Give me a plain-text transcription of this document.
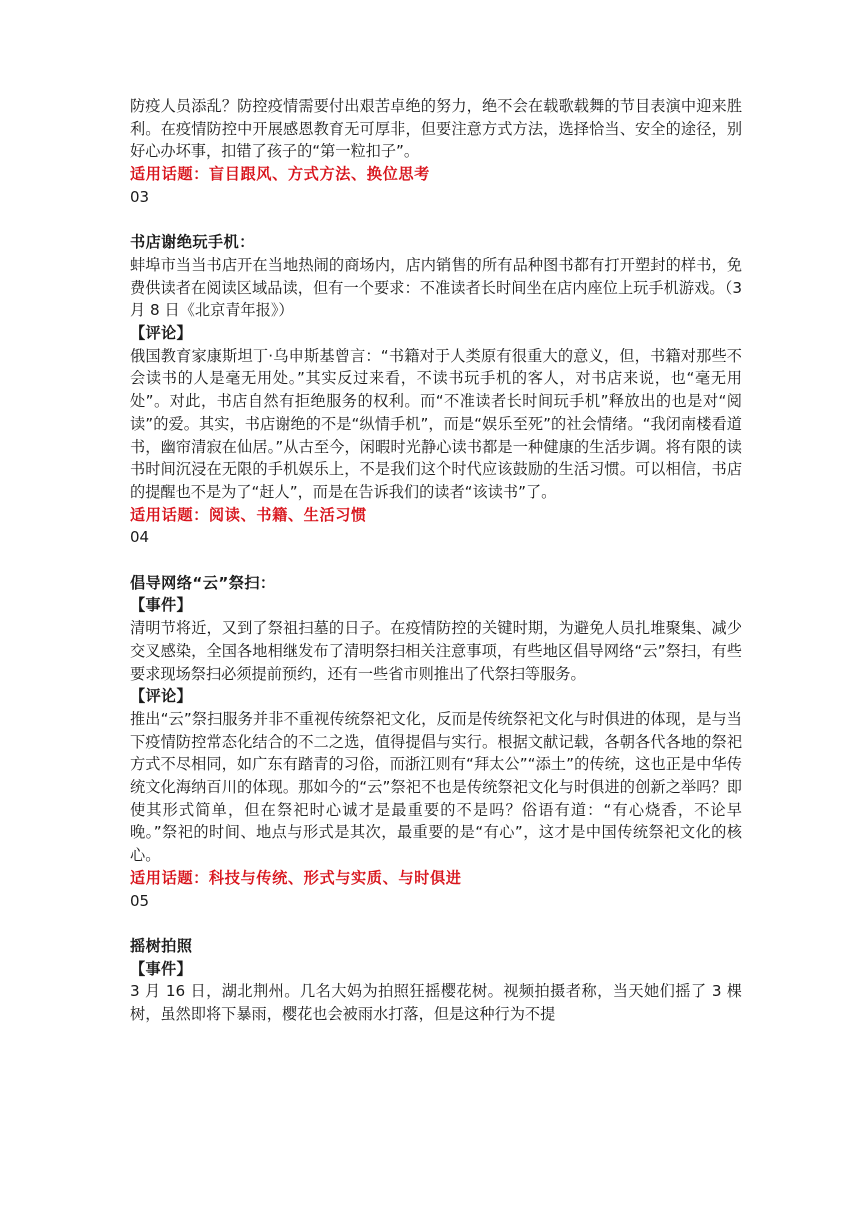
防疫人员添乱？防控疫情需要付出艰苦卓绝的努力，绝不会在载歌载舞的节目表演中迎来胜利。在疫情防控中开展感恩教育无可厚非，但要注意方式方法，选择恰当、安全的途径，别好心办坏事，扣错了孩子的“第一粒扣子”。

适用话题：盲目跟风、方式方法、换位思考

03

书店谢绝玩手机：

蚌埠市当当书店开在当地热闹的商场内，店内销售的所有品种图书都有打开塑封的样书，免费供读者在阅读区域品读，但有一个要求：不准读者长时间坐在店内座位上玩手机游戏。（3 月 8 日《北京青年报》）

【评论】

俄国教育家康斯坦丁·乌申斯基曾言：“书籍对于人类原有很重大的意义，但，书籍对那些不会读书的人是毫无用处。”其实反过来看，不读书玩手机的客人，对书店来说，也“毫无用处”。对此，书店自然有拒绝服务的权利。而“不准读者长时间玩手机”释放出的也是对“阅读”的爱。其实，书店谢绝的不是“纵情手机”，而是“娱乐至死”的社会情绪。“我闭南楼看道书，幽帘清寂在仙居。”从古至今，闲暇时光静心读书都是一种健康的生活步调。将有限的读书时间沉浸在无限的手机娱乐上，不是我们这个时代应该鼓励的生活习惯。可以相信，书店的提醒也不是为了“赶人”，而是在告诉我们的读者“该读书”了。

适用话题：阅读、书籍、生活习惯

04

倡导网络“云”祭扫：

【事件】

清明节将近，又到了祭祖扫墓的日子。在疫情防控的关键时期，为避免人员扎堆聚集、减少交叉感染，全国各地相继发布了清明祭扫相关注意事项，有些地区倡导网络“云”祭扫，有些要求现场祭扫必须提前预约，还有一些省市则推出了代祭扫等服务。

【评论】

推出“云”祭扫服务并非不重视传统祭祀文化，反而是传统祭祀文化与时俱进的体现，是与当下疫情防控常态化结合的不二之选，值得提倡与实行。根据文献记载，各朝各代各地的祭祀方式不尽相同，如广东有踏青的习俗，而浙江则有“拜太公”“添土”的传统，这也正是中华传统文化海纳百川的体现。那如今的“云”祭祀不也是传统祭祀文化与时俱进的创新之举吗？即使其形式简单，但在祭祀时心诚才是最重要的不是吗？俗语有道：“有心烧香，不论早晚。”祭祀的时间、地点与形式是其次，最重要的是“有心”，这才是中国传统祭祀文化的核心。

适用话题：科技与传统、形式与实质、与时俱进

05

摇树拍照

【事件】

3 月 16 日，湖北荆州。几名大妈为拍照狂摇樱花树。视频拍摄者称，当天她们摇了 3 棵树，虽然即将下暴雨，樱花也会被雨水打落，但是这种行为不提
